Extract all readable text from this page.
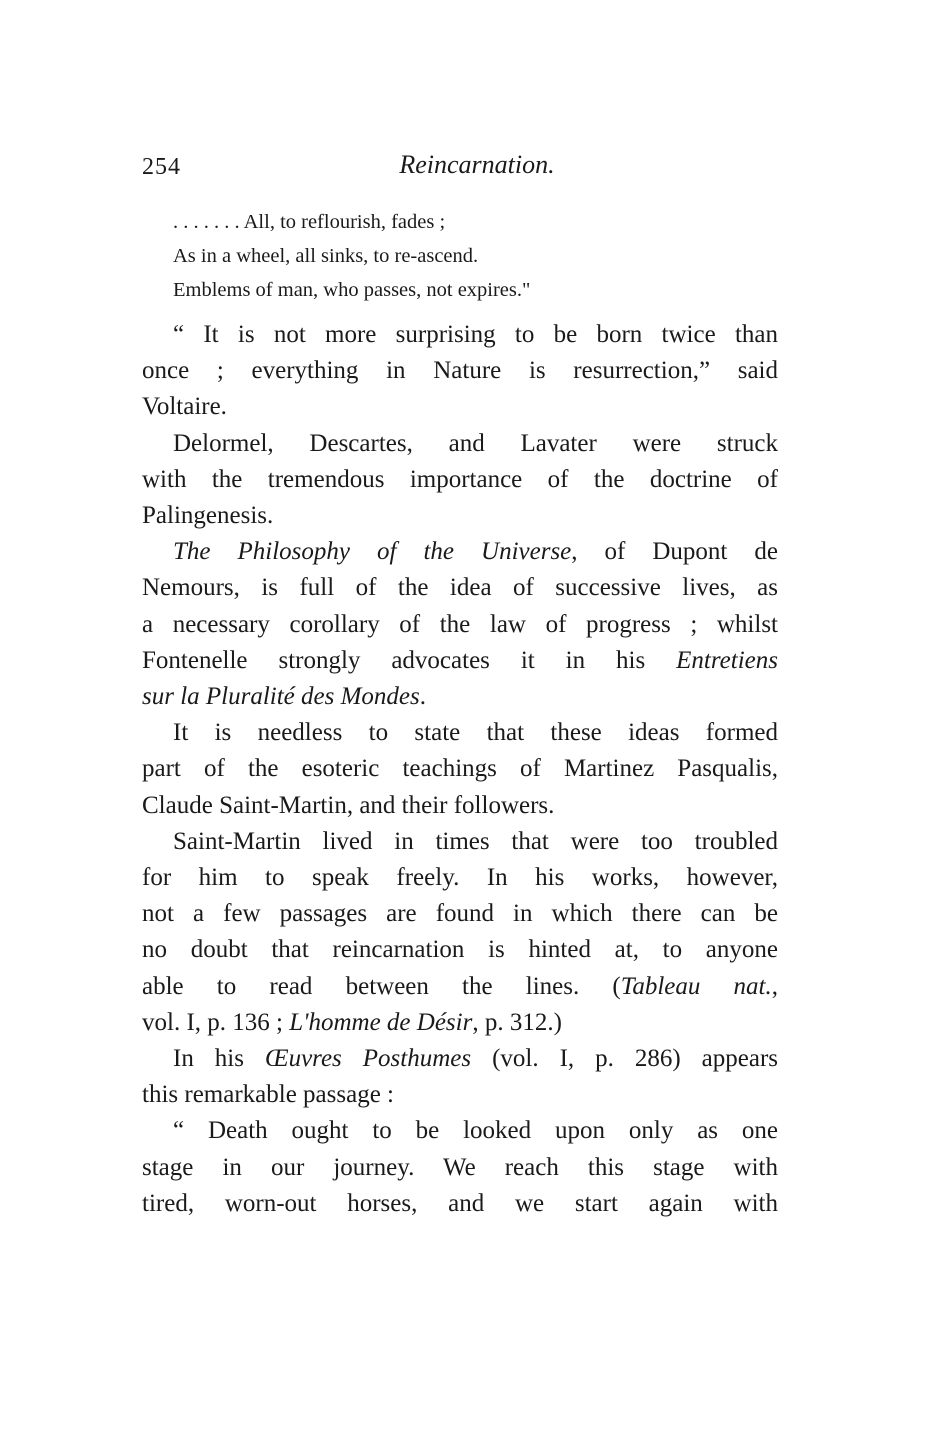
254	Reincarnation.
. . . . . . . All, to reflourish, fades ;
As in a wheel, all sinks, to re-ascend.
Emblems of man, who passes, not expires."

“ It is not more surprising to be born twice than
once ; everything in Nature is resurrection,” said
Voltaire.

Delormel, Descartes, and Lavater were struck
with the tremendous importance of the doctrine of
Palingenesis.

The Philosophy of the Universe, of Dupont de
Nemours, is full of the idea of successive lives, as
a necessary corollary of the law of progress ; whilst
Fontenelle strongly advocates it in his Entretiens
sur la Pluralité des Mondes.

It is needless to state that these ideas formed
part of the esoteric teachings of Martinez Pasqualis,
Claude Saint-Martin, and their followers.

Saint-Martin lived in times that were too troubled
for him to speak freely. In his works, however,
not a few passages are found in which there can be
no doubt that reincarnation is hinted at, to anyone
able to read between the lines. (Tableau nat.,
vol. I, p. 136 ; L'homme de Désir, p. 312.)

In his Œuvres Posthumes (vol. I, p. 286) appears
this remarkable passage :

“ Death ought to be looked upon only as one
stage in our journey. We reach this stage with
tired, worn-out horses, and we start again with
